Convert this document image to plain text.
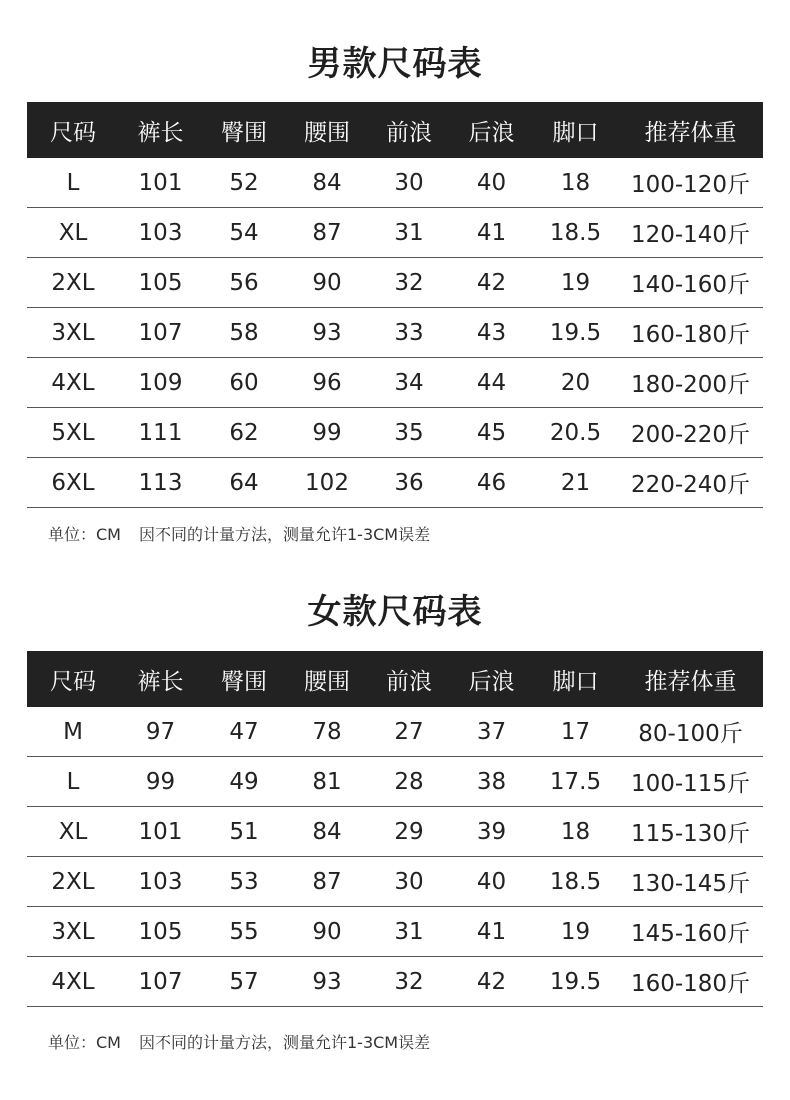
男款尺码表
尺码	裤长	臀围	腰围	前浪	后浪	脚口	推荐体重
L	101	52	84	30	40	18	100-120斤
XL	103	54	87	31	41	18.5	120-140斤
2XL	105	56	90	32	42	19	140-160斤
3XL	107	58	93	33	43	19.5	160-180斤
4XL	109	60	96	34	44	20	180-200斤
5XL	111	62	99	35	45	20.5	200-220斤
6XL	113	64	102	36	46	21	220-240斤
单位：CM 因不同的计量方法，测量允许1-3CM误差
女款尺码表
尺码	裤长	臀围	腰围	前浪	后浪	脚口	推荐体重
M	97	47	78	27	37	17	80-100斤
L	99	49	81	28	38	17.5	100-115斤
XL	101	51	84	29	39	18	115-130斤
2XL	103	53	87	30	40	18.5	130-145斤
3XL	105	55	90	31	41	19	145-160斤
4XL	107	57	93	32	42	19.5	160-180斤
单位：CM 因不同的计量方法，测量允许1-3CM误差
